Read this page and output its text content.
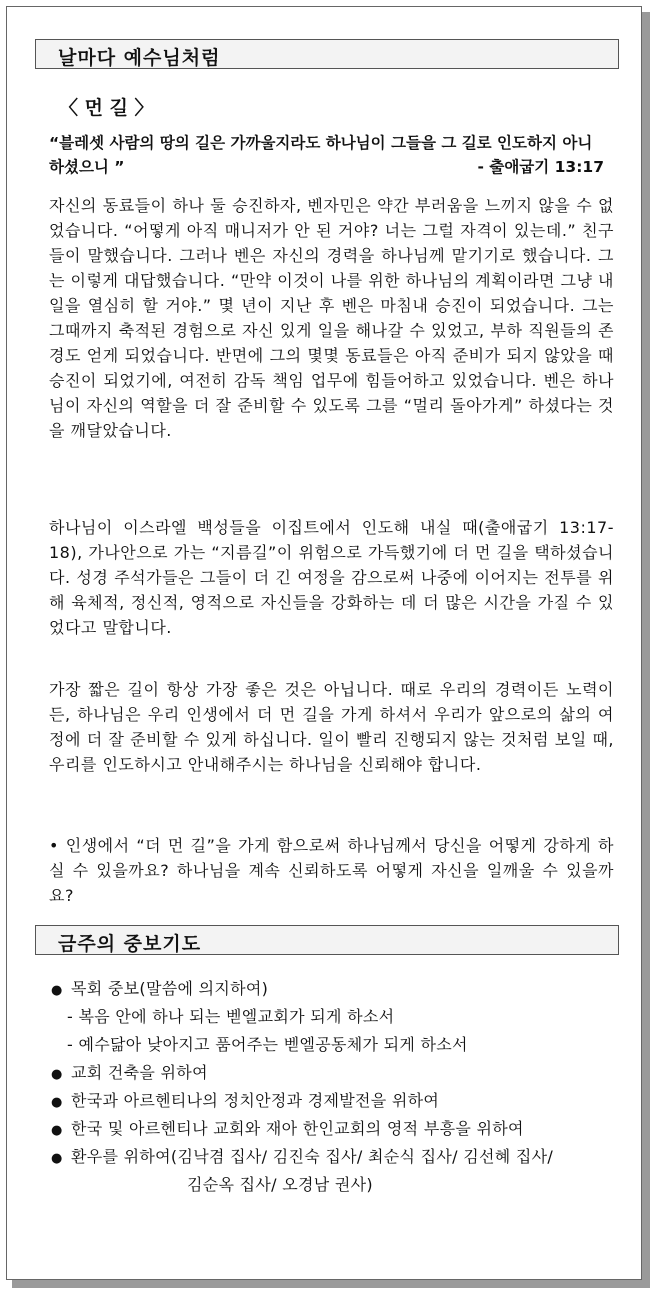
날마다 예수님처럼
〈 먼 길 〉
“블레셋 사람의 땅의 길은 가까울지라도 하나님이 그들을 그 길로 인도하지 아니하셨으니 ”	- 출애굽기 13:17

자신의 동료들이 하나 둘 승진하자, 벤자민은 약간 부러움을 느끼지 않을 수 없었습니다. “어떻게 아직 매니저가 안 된 거야? 너는 그럴 자격이 있는데.” 친구들이 말했습니다. 그러나 벤은 자신의 경력을 하나님께 맡기기로 했습니다. 그는 이렇게 대답했습니다. “만약 이것이 나를 위한 하나님의 계획이라면 그냥 내 일을 열심히 할 거야.” 몇 년이 지난 후 벤은 마침내 승진이 되었습니다. 그는 그때까지 축적된 경험으로 자신 있게 일을 해나갈 수 있었고, 부하 직원들의 존경도 얻게 되었습니다. 반면에 그의 몇몇 동료들은 아직 준비가 되지 않았을 때 승진이 되었기에, 여전히 감독 책임 업무에 힘들어하고 있었습니다. 벤은 하나님이 자신의 역할을 더 잘 준비할 수 있도록 그를 “멀리 돌아가게” 하셨다는 것을 깨달았습니다.

하나님이 이스라엘 백성들을 이집트에서 인도해 내실 때(출애굽기 13:17-18), 가나안으로 가는 “지름길”이 위험으로 가득했기에 더 먼 길을 택하셨습니다. 성경 주석가들은 그들이 더 긴 여정을 감으로써 나중에 이어지는 전투를 위해 육체적, 정신적, 영적으로 자신들을 강화하는 데 더 많은 시간을 가질 수 있었다고 말합니다.

가장 짧은 길이 항상 가장 좋은 것은 아닙니다. 때로 우리의 경력이든 노력이든, 하나님은 우리 인생에서 더 먼 길을 가게 하셔서 우리가 앞으로의 삶의 여정에 더 잘 준비할 수 있게 하십니다. 일이 빨리 진행되지 않는 것처럼 보일 때, 우리를 인도하시고 안내해주시는 하나님을 신뢰해야 합니다.

• 인생에서 “더 먼 길”을 가게 함으로써 하나님께서 당신을 어떻게 강하게 하실 수 있을까요? 하나님을 계속 신뢰하도록 어떻게 자신을 일깨울 수 있을까요?

금주의 중보기도
● 목회 중보(말씀에 의지하여)
- 복음 안에 하나 되는 벧엘교회가 되게 하소서
- 예수닮아 낮아지고 품어주는 벧엘공동체가 되게 하소서
● 교회 건축을 위하여
● 한국과 아르헨티나의 정치안정과 경제발전을 위하여
● 한국 및 아르헨티나 교회와 재아 한인교회의 영적 부흥을 위하여
● 환우를 위하여(김낙겸 집사/ 김진숙 집사/ 최순식 집사/ 김선혜 집사/
김순옥 집사/ 오경남 권사)
